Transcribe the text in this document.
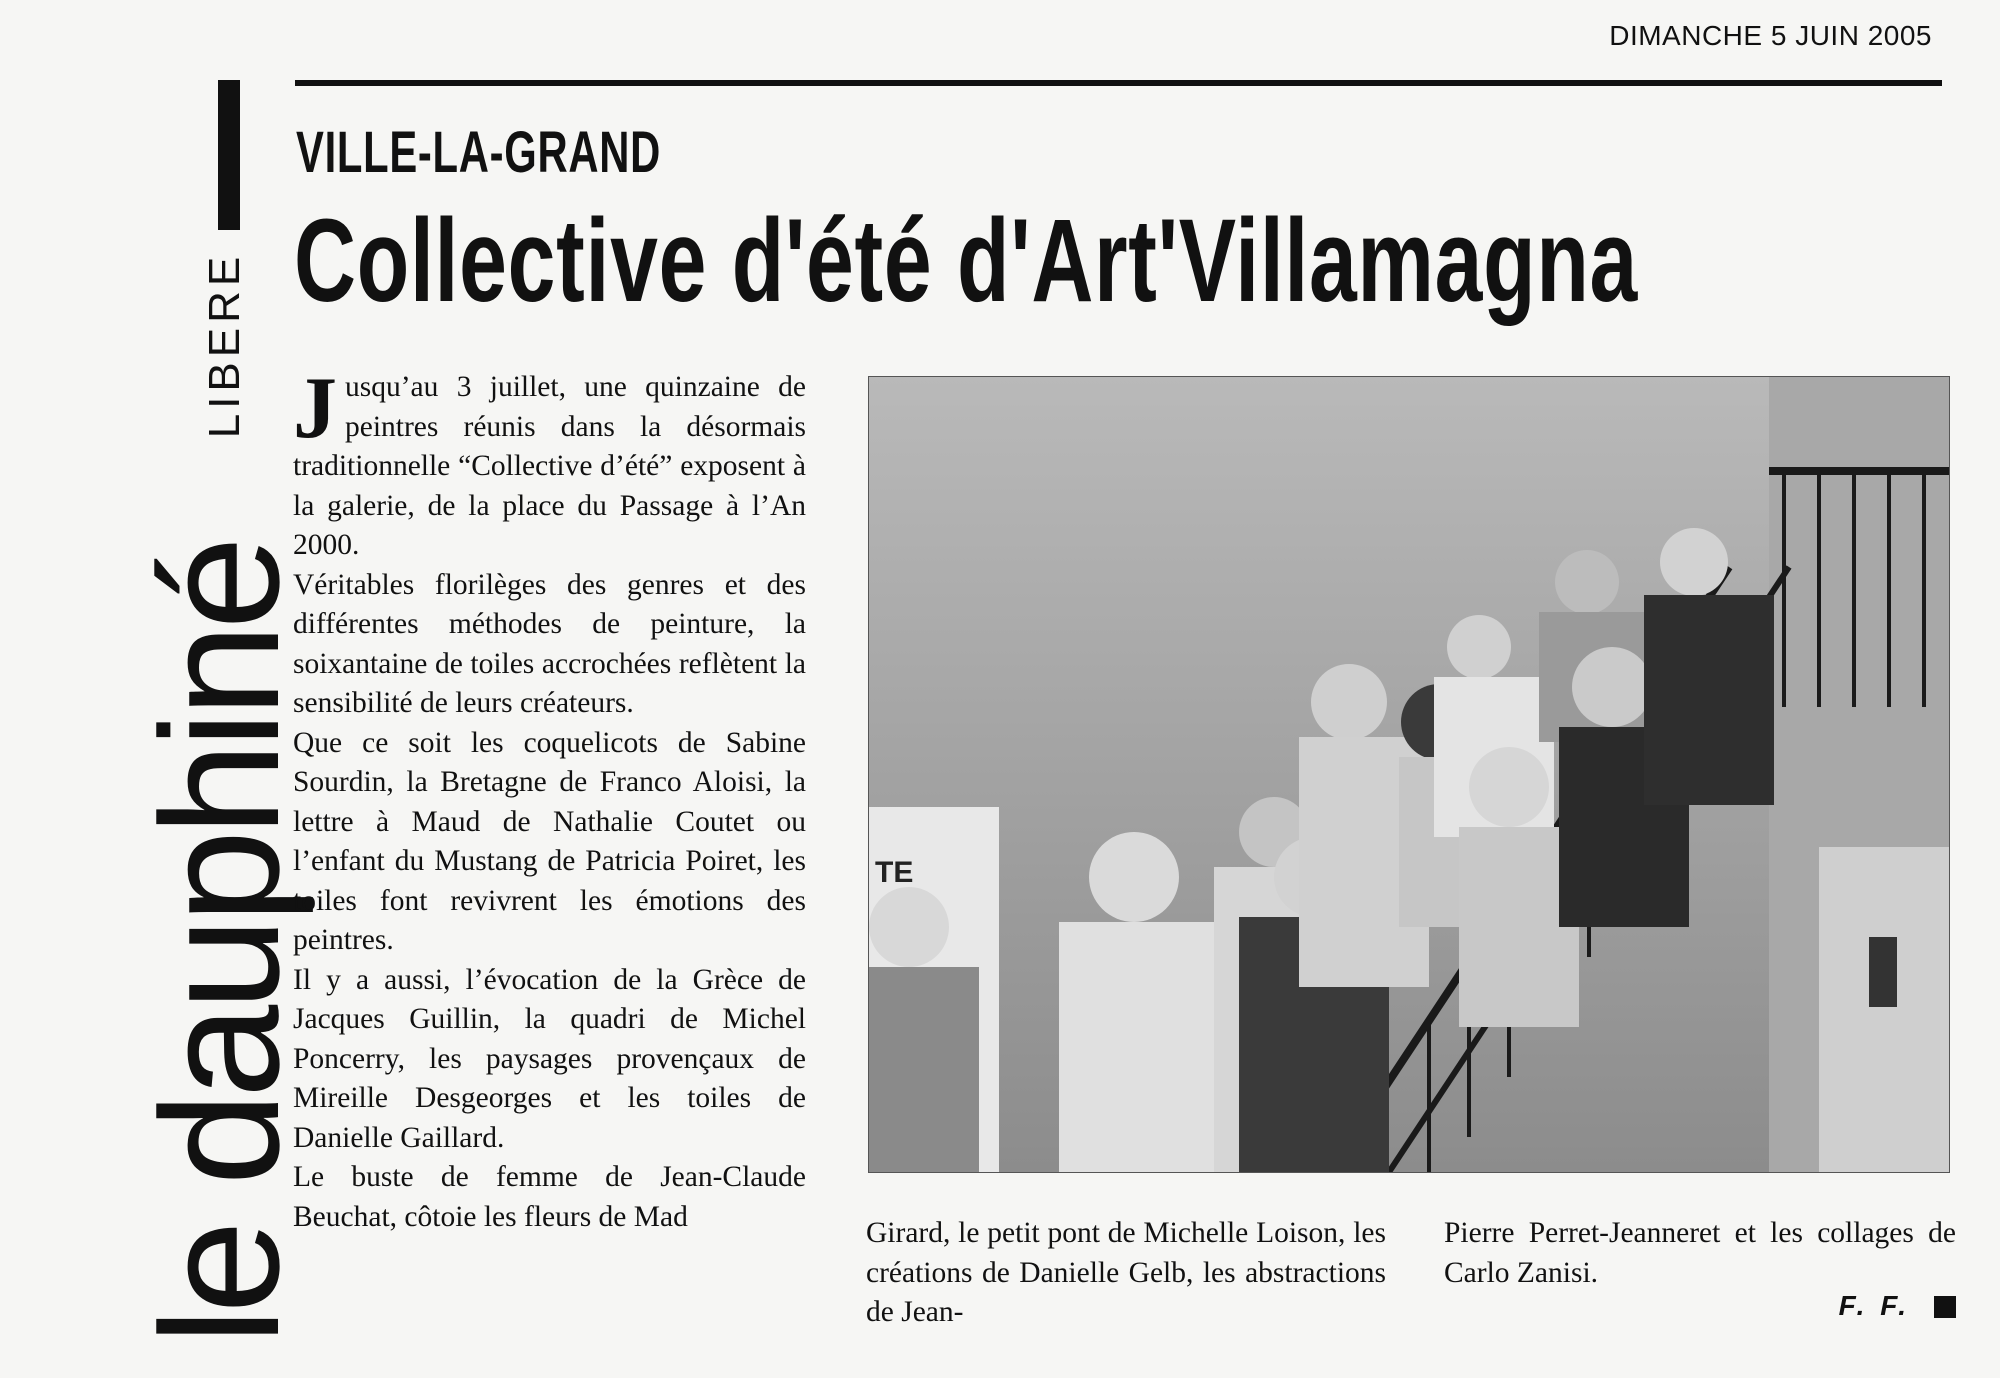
le dauphiné
LIBERE
DIMANCHE 5 JUIN 2005
VILLE-LA-GRAND
Collective d'été d'Art'Villamagna

Jusqu’au 3 juillet, une quinzaine de peintres réunis dans la désormais traditionnelle “Collective d’été” exposent à la galerie, de la place du Passage à l’An 2000.

Véritables florilèges des genres et des différentes méthodes de peinture, la soixantaine de toiles accrochées reflètent la sensibilité de leurs créateurs.

Que ce soit les coquelicots de Sabine Sourdin, la Bretagne de Franco Aloisi, la lettre à Maud de Nathalie Coutet ou l’enfant du Mustang de Patricia Poiret, les toiles font revivrent les émotions des peintres.

Il y a aussi, l’évocation de la Grèce de Jacques Guillin, la quadri de Michel Poncerry, les paysages provençaux de Mireille Desgeorges et les toiles de Danielle Gaillard.

Le buste de femme de Jean-Claude Beuchat, côtoie les fleurs de Mad

TE
Girard, le petit pont de Michelle Loison, les créations de Danielle Gelb, les abstractions de Jean-
Pierre Perret-Jeanneret et les collages de Carlo Zanisi.
F. F.
